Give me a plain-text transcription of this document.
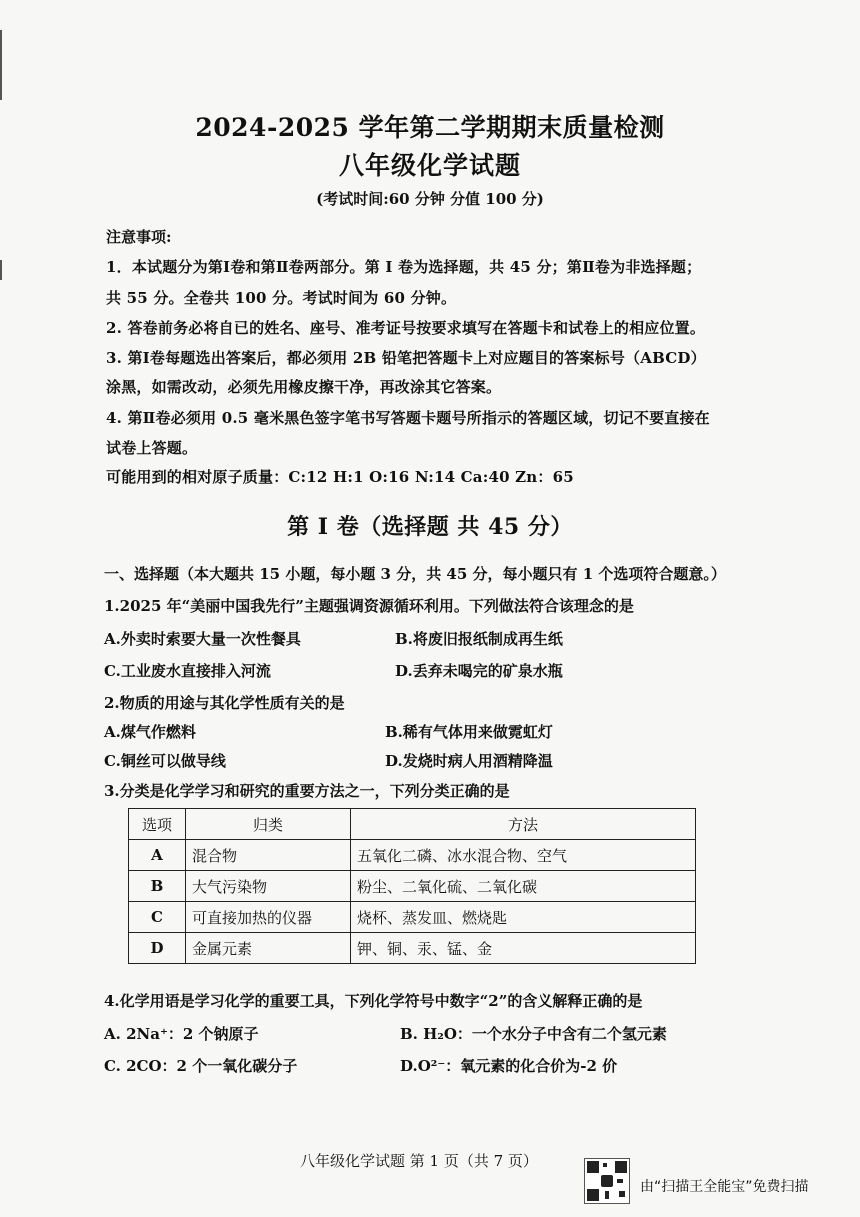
2024-2025 学年第二学期期末质量检测
八年级化学试题
(考试时间:60 分钟 分值 100 分)
注意事项:
1．本试题分为第Ⅰ卷和第Ⅱ卷两部分。第 Ⅰ 卷为选择题，共 45 分；第Ⅱ卷为非选择题；
共 55 分。全卷共 100 分。考试时间为 60 分钟。
2. 答卷前务必将自已的姓名、座号、准考证号按要求填写在答题卡和试卷上的相应位置。
3. 第Ⅰ卷每题选出答案后，都必须用 2B 铅笔把答题卡上对应题目的答案标号（ABCD）
涂黑，如需改动，必须先用橡皮擦干净，再改涂其它答案。
4. 第Ⅱ卷必须用 0.5 毫米黑色签字笔书写答题卡题号所指示的答题区域，切记不要直接在
试卷上答题。
可能用到的相对原子质量：C:12 H:1 O:16 N:14 Ca:40 Zn：65
第 Ⅰ 卷（选择题 共 45 分）
一、选择题（本大题共 15 小题，每小题 3 分，共 45 分，每小题只有 1 个选项符合题意。）
1.2025 年“美丽中国我先行”主题强调资源循环利用。下列做法符合该理念的是
A.外卖时索要大量一次性餐具	B.将废旧报纸制成再生纸
C.工业废水直接排入河流	D.丢弃未喝完的矿泉水瓶
2.物质的用途与其化学性质有关的是
A.煤气作燃料	B.稀有气体用来做霓虹灯
C.铜丝可以做导线	D.发烧时病人用酒精降温
3.分类是化学学习和研究的重要方法之一，下列分类正确的是
选项	归类	方法
A	混合物	五氧化二磷、冰水混合物、空气
B	大气污染物	粉尘、二氧化硫、二氧化碳
C	可直接加热的仪器	烧杯、蒸发皿、燃烧匙
D	金属元素	钾、铜、汞、锰、金
4.化学用语是学习化学的重要工具，下列化学符号中数字“2”的含义解释正确的是
A. 2Na⁺：2 个钠原子	B. H₂O：一个水分子中含有二个氢元素
C. 2CO：2 个一氧化碳分子	D.O²⁻：氧元素的化合价为-2 价
八年级化学试题 第 1 页（共 7 页）
由“扫描王全能宝”免费扫描
